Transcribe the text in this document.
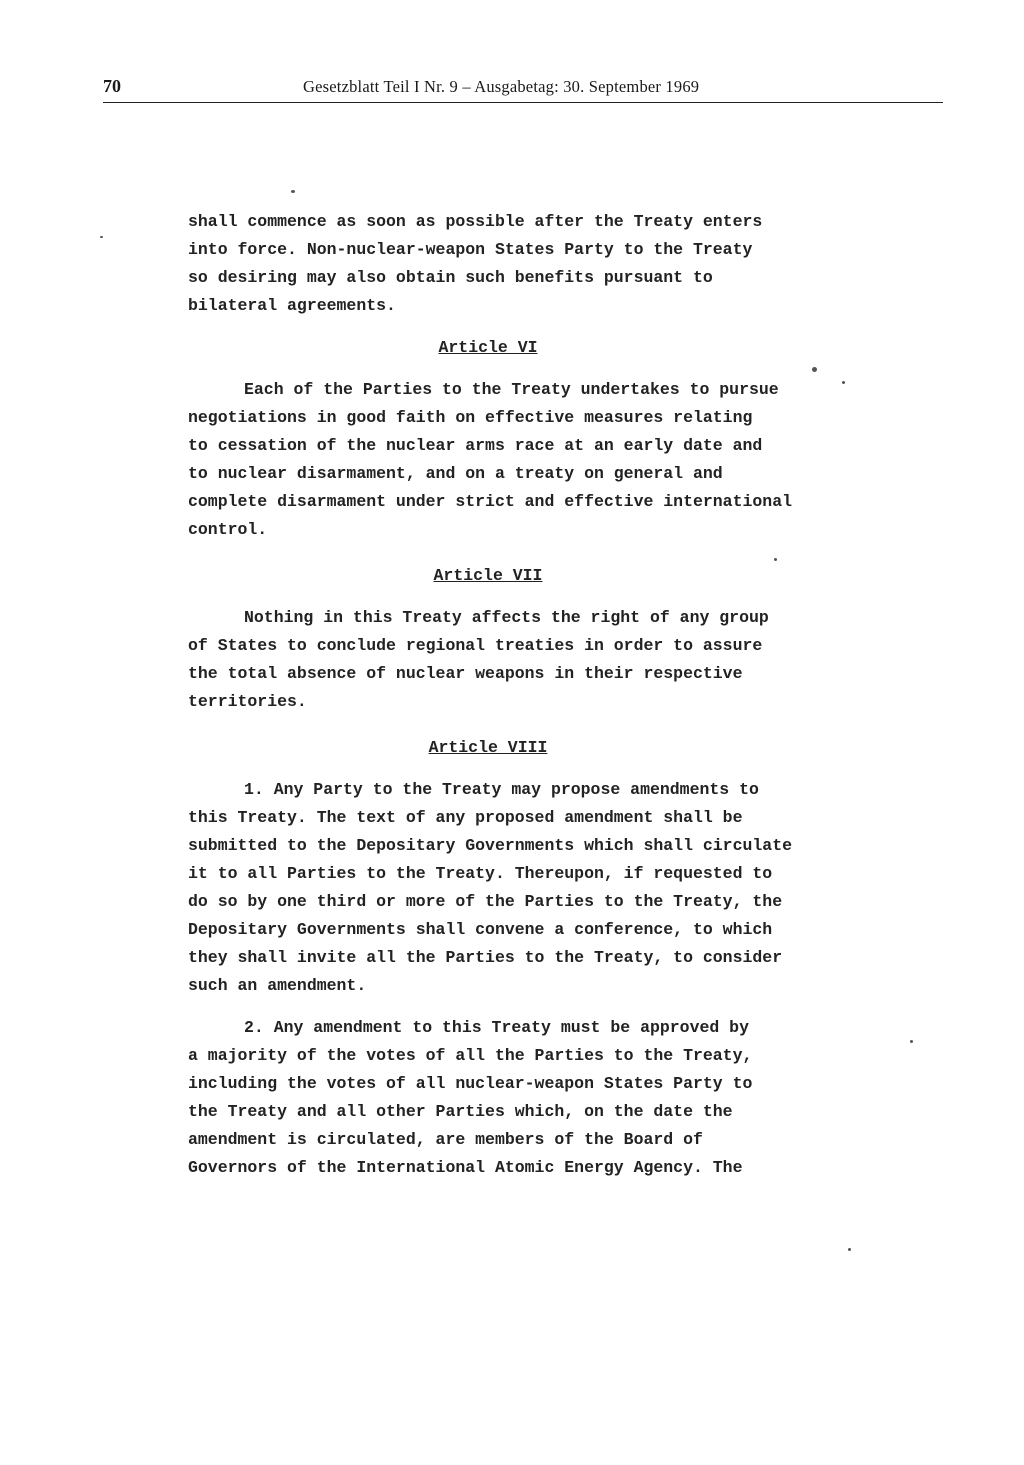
70	Gesetzblatt Teil I Nr. 9 – Ausgabetag: 30. September 1969

shall commence as soon as possible after the Treaty enters
into force. Non-nuclear-weapon States Party to the Treaty
so desiring may also obtain such benefits pursuant to
bilateral agreements.

Article VI

Each of the Parties to the Treaty undertakes to pursue
negotiations in good faith on effective measures relating
to cessation of the nuclear arms race at an early date and
to nuclear disarmament, and on a treaty on general and
complete disarmament under strict and effective international
control.

Article VII

Nothing in this Treaty affects the right of any group
of States to conclude regional treaties in order to assure
the total absence of nuclear weapons in their respective
territories.

Article VIII

1. Any Party to the Treaty may propose amendments to
this Treaty. The text of any proposed amendment shall be
submitted to the Depositary Governments which shall circulate
it to all Parties to the Treaty. Thereupon, if requested to
do so by one third or more of the Parties to the Treaty, the
Depositary Governments shall convene a conference, to which
they shall invite all the Parties to the Treaty, to consider
such an amendment.

2. Any amendment to this Treaty must be approved by
a majority of the votes of all the Parties to the Treaty,
including the votes of all nuclear-weapon States Party to
the Treaty and all other Parties which, on the date the
amendment is circulated, are members of the Board of
Governors of the International Atomic Energy Agency. The
